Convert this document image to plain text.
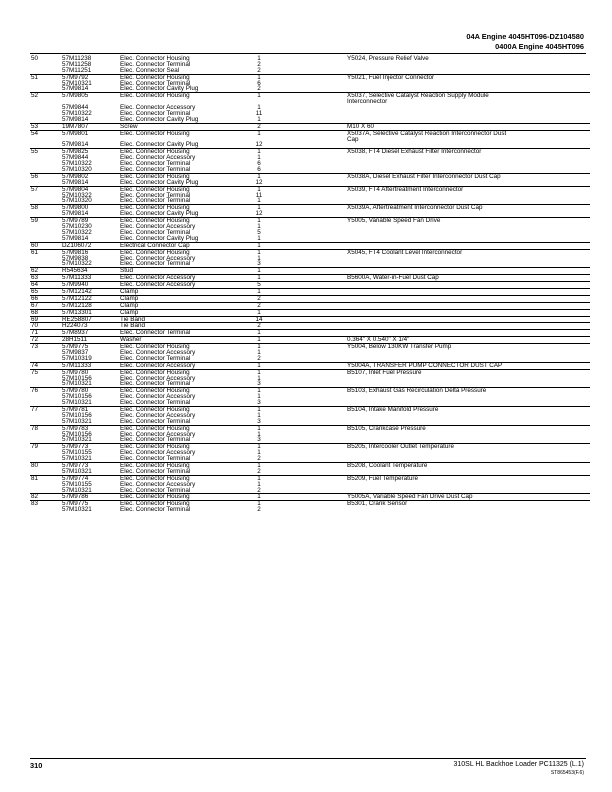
04A Engine 4045HT096-DZ104580
0400A Engine 4045HT096
50	57M11238	Elec. Connector Housing	1	Y5024, Pressure Relief Valve
57M11258	Elec. Connector Terminal	2
57M11251	Elec. Connector Seal	2
51	57M9792	Elec. Connector Housing	1	Y5021, Fuel Injector Connector
57M10321	Elec. Connector Terminal	6
57M9814	Elec. Connector Cavity Plug	2
52	57M9805	Elec. Connector Housing	1	X5037, Selective Catalyst Reaction Supply Module
Interconnector
57M9844	Elec. Connector Accessory	1
57M10322	Elec. Connector Terminal	11
57M9814	Elec. Connector Cavity Plug	1
53	19M7807	Screw	2	M10 X 60
54	57M9801	Elec. Connector Housing	1	X5037A, Selective Catalyst Reaction Interconnector Dust
Cap
57M9814	Elec. Connector Cavity Plug	12
55	57M9825	Elec. Connector Housing	1	X5038, FT4 Diesel Exhaust Filter Interconnector
57M9844	Elec. Connector Accessory	1
57M10322	Elec. Connector Terminal	6
57M10320	Elec. Connector Terminal	6
56	57M9802	Elec. Connector Housing	1	X5038A, Diesel Exhaust Filter Interconnector Dust Cap
57M9814	Elec. Connector Cavity Plug	12
57	57M9804	Elec. Connector Housing	1	X5039, FT4 Aftertreatment Interconnector
57M10322	Elec. Connector Terminal	11
57M10320	Elec. Connector Terminal	1
58	57M9800	Elec. Connector Housing	1	X5039A, Aftertreatment Interconnector Dust Cap
57M9814	Elec. Connector Cavity Plug	12
59	57M9789	Elec. Connector Housing	1	Y5005, Variable Speed Fan Drive
57M10230	Elec. Connector Accessory	1
57M10322	Elec. Connector Terminal	5
57M9814	Elec. Connector Cavity Plug	1
60	DZ106072	Electrical Connector Cap	1
61	57M9816	Elec. Connector Housing	1	X5045, FT4 Coolant Level Interconnector
57M9838	Elec. Connector Accessory	1
57M10322	Elec. Connector Terminal	3
62	R545634	Stud	1
63	57M11333	Elec. Connector Accessory	1	B5600A, Water-in-Fuel Dust Cap
64	57M9940	Elec. Connector Accessory	5
65	57M12142	Clamp	1
66	57M12122	Clamp	2
67	57M12128	Clamp	2
68	57M13301	Clamp	1
69	RE258807	Tie Band	14
70	H224073	Tie Band	2
71	57M8937	Elec. Connector Terminal	1
72	28H1511	Washer	1	0.364" X 0.540" X 1/4"
73	57M9775	Elec. Connector Housing	1	Y5004, Below 130KW Transfer Pump
57M9837	Elec. Connector Accessory	1
57M10319	Elec. Connector Terminal	2
74	57M11333	Elec. Connector Accessory	1	Y5004A, TRANSFER PUMP CONNECTOR DUST CAP
75	57M9780	Elec. Connector Housing	1	B5107, Inlet Fuel Pressure
57M10156	Elec. Connector Accessory	1
57M10321	Elec. Connector Terminal	3
76	57M9780	Elec. Connector Housing	1	B5103, Exhaust Gas Recirculation Delta Pressure
57M10156	Elec. Connector Accessory	1
57M10321	Elec. Connector Terminal	3
77	57M9781	Elec. Connector Housing	1	B5104, Intake Manifold Pressure
57M10156	Elec. Connector Accessory	1
57M10321	Elec. Connector Terminal	3
78	57M9783	Elec. Connector Housing	1	B5105, Crankcase Pressure
57M10156	Elec. Connector Accessory	1
57M10321	Elec. Connector Terminal	3
79	57M9773	Elec. Connector Housing	1	B5205, Intercooler Outlet Temperature
57M10155	Elec. Connector Accessory	1
57M10321	Elec. Connector Terminal	2
80	57M9773	Elec. Connector Housing	1	B5208, Coolant Temperature
57M10321	Elec. Connector Terminal	2
81	57M9774	Elec. Connector Housing	1	B5209, Fuel Temperature
57M10155	Elec. Connector Accessory	1
57M10321	Elec. Connector Terminal	2
82	57M9786	Elec. Connector Housing	1	Y5005A, Variable Speed Fan Drive Dust Cap
83	57M9775	Elec. Connector Housing	1	B5301, Crank Sensor
57M10321	Elec. Connector Terminal	2
310	310SL HL Backhoe Loader PC11325 (L.1)
ST865453(F.6)
